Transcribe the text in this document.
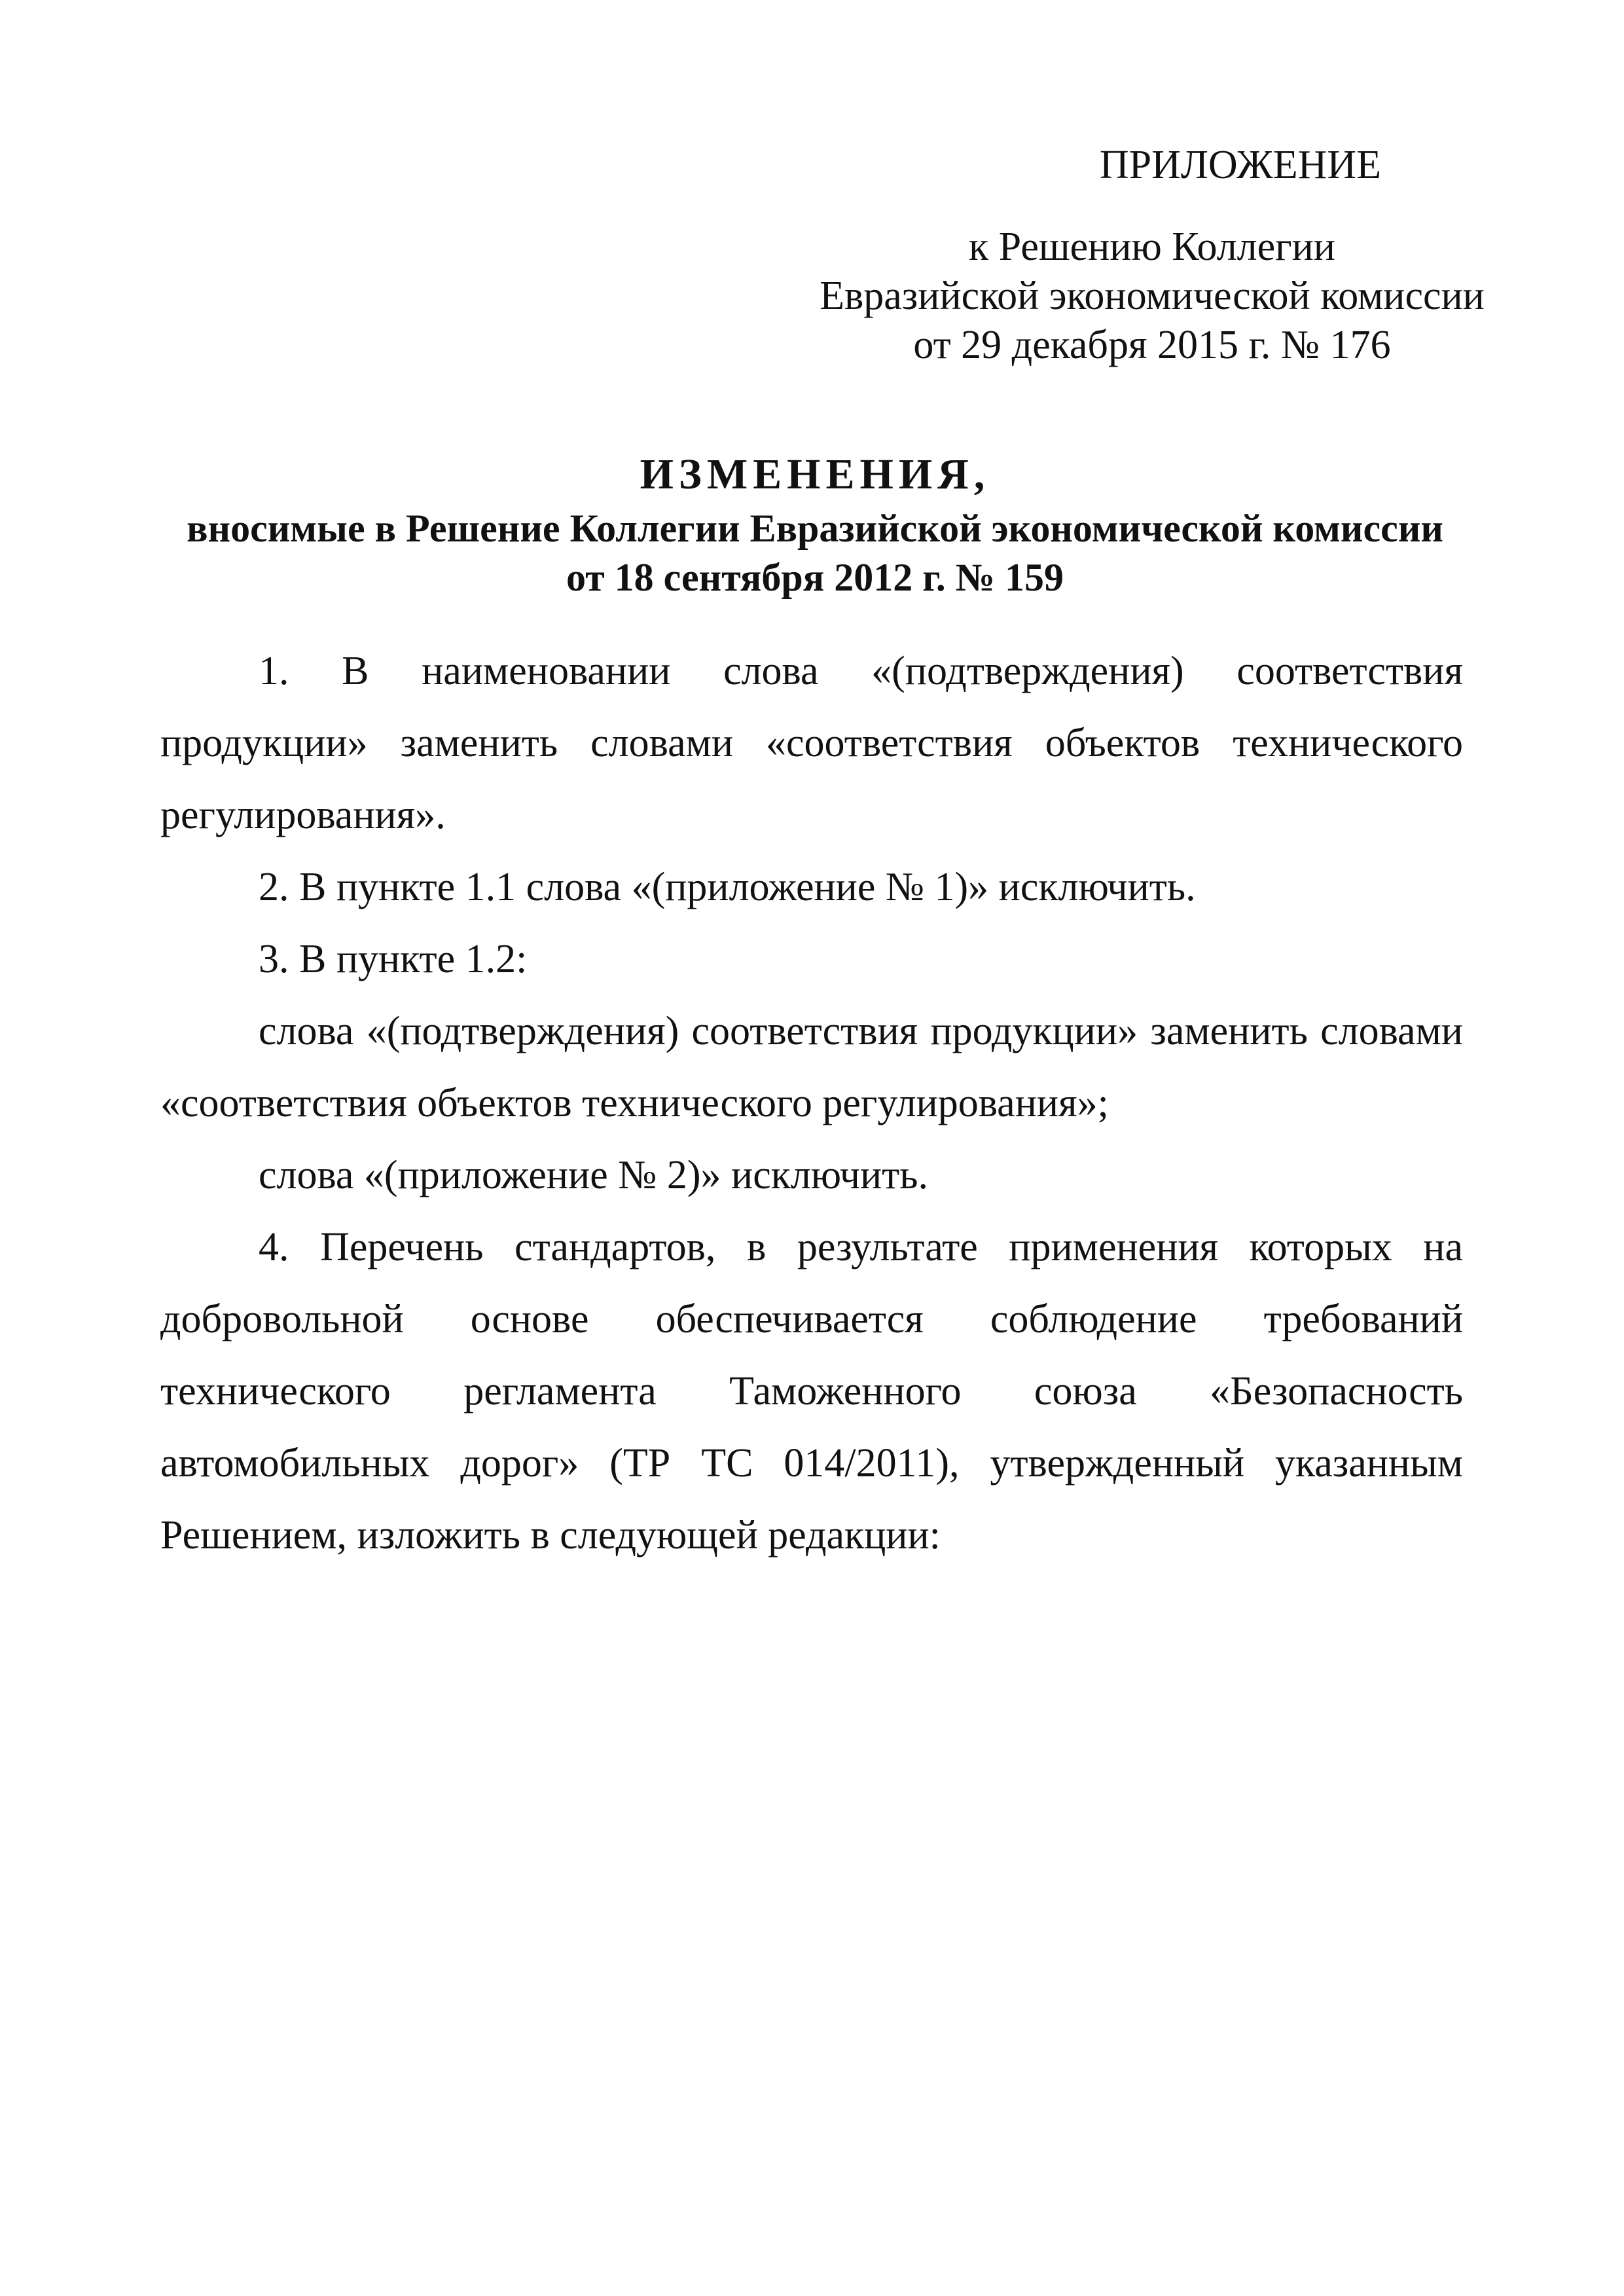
ПРИЛОЖЕНИЕ
к Решению Коллегии
Евразийской экономической комиссии
от 29 декабря 2015 г. № 176
ИЗМЕНЕНИЯ,
вносимые в Решение Коллегии Евразийской экономической комиссии от 18 сентября 2012 г. № 159

1. В наименовании слова «(подтверждения) соответствия продукции» заменить словами «соответствия объектов технического регулирования».

2. В пункте 1.1 слова «(приложение № 1)» исключить.

3. В пункте 1.2:

слова «(подтверждения) соответствия продукции» заменить словами «соответствия объектов технического регулирования»;

слова «(приложение № 2)» исключить.

4. Перечень стандартов, в результате применения которых на добровольной основе обеспечивается соблюдение требований технического регламента Таможенного союза «Безопасность автомобильных дорог» (ТР ТС 014/2011), утвержденный указанным Решением, изложить в следующей редакции:
